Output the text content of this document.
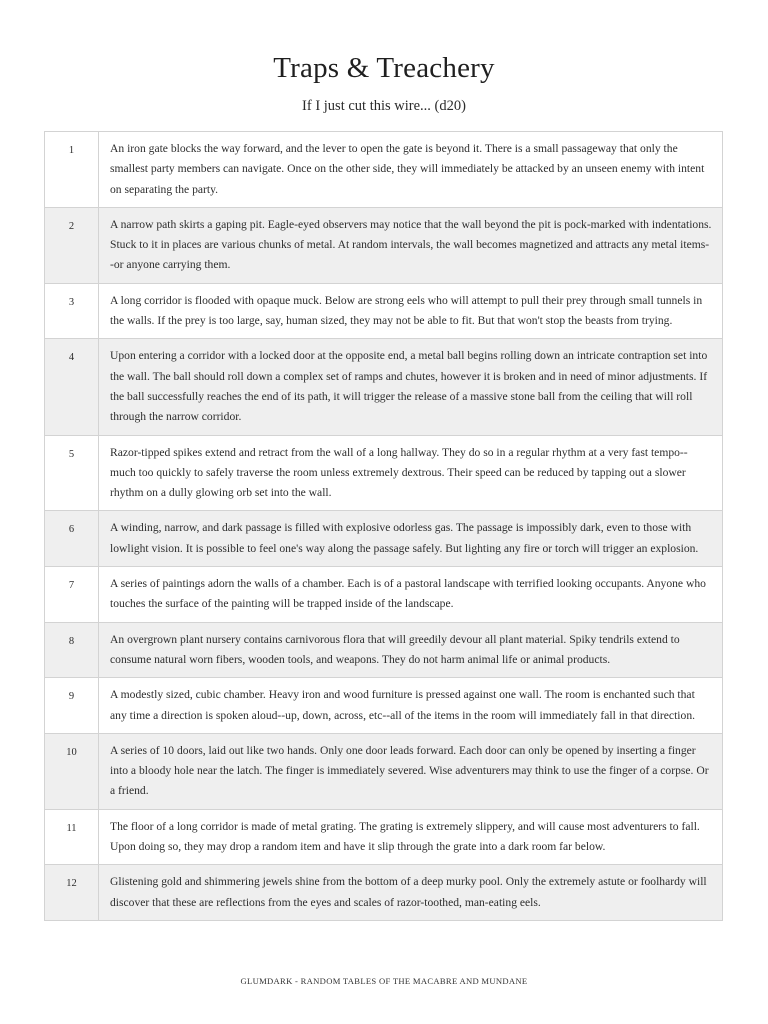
Traps & Treachery
If I just cut this wire... (d20)
1	An iron gate blocks the way forward, and the lever to open the gate is beyond it. There is a small passageway that only the smallest party members can navigate. Once on the other side, they will immediately be attacked by an unseen enemy with intent on separating the party.
2	A narrow path skirts a gaping pit. Eagle-eyed observers may notice that the wall beyond the pit is pock-marked with indentations. Stuck to it in places are various chunks of metal. At random intervals, the wall becomes magnetized and attracts any metal items--or anyone carrying them.
3	A long corridor is flooded with opaque muck. Below are strong eels who will attempt to pull their prey through small tunnels in the walls. If the prey is too large, say, human sized, they may not be able to fit. But that won't stop the beasts from trying.
4	Upon entering a corridor with a locked door at the opposite end, a metal ball begins rolling down an intricate contraption set into the wall. The ball should roll down a complex set of ramps and chutes, however it is broken and in need of minor adjustments. If the ball successfully reaches the end of its path, it will trigger the release of a massive stone ball from the ceiling that will roll through the narrow corridor.
5	Razor-tipped spikes extend and retract from the wall of a long hallway. They do so in a regular rhythm at a very fast tempo--much too quickly to safely traverse the room unless extremely dextrous. Their speed can be reduced by tapping out a slower rhythm on a dully glowing orb set into the wall.
6	A winding, narrow, and dark passage is filled with explosive odorless gas. The passage is impossibly dark, even to those with lowlight vision. It is possible to feel one's way along the passage safely. But lighting any fire or torch will trigger an explosion.
7	A series of paintings adorn the walls of a chamber. Each is of a pastoral landscape with terrified looking occupants. Anyone who touches the surface of the painting will be trapped inside of the landscape.
8	An overgrown plant nursery contains carnivorous flora that will greedily devour all plant material. Spiky tendrils extend to consume natural worn fibers, wooden tools, and weapons. They do not harm animal life or animal products.
9	A modestly sized, cubic chamber. Heavy iron and wood furniture is pressed against one wall. The room is enchanted such that any time a direction is spoken aloud--up, down, across, etc--all of the items in the room will immediately fall in that direction.
10	A series of 10 doors, laid out like two hands. Only one door leads forward. Each door can only be opened by inserting a finger into a bloody hole near the latch. The finger is immediately severed. Wise adventurers may think to use the finger of a corpse. Or a friend.
11	The floor of a long corridor is made of metal grating. The grating is extremely slippery, and will cause most adventurers to fall. Upon doing so, they may drop a random item and have it slip through the grate into a dark room far below.
12	Glistening gold and shimmering jewels shine from the bottom of a deep murky pool. Only the extremely astute or foolhardy will discover that these are reflections from the eyes and scales of razor-toothed, man-eating eels.
GLUMDARK - RANDOM TABLES OF THE MACABRE AND MUNDANE
